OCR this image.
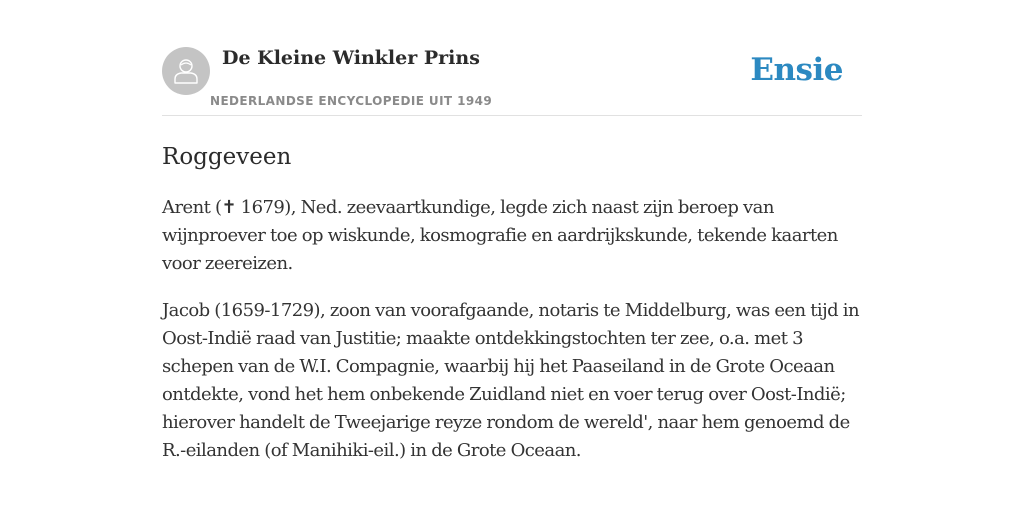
De Kleine Winkler Prins
NEDERLANDSE ENCYCLOPEDIE UIT 1949
Ensie
Roggeveen

Arent (✝ 1679), Ned. zeevaartkundige, legde zich naast zijn beroep van wijnproever toe op wiskunde, kosmografie en aardrijkskunde, tekende kaarten voor zeereizen.

Jacob (1659-1729), zoon van voorafgaande, notaris te Middelburg, was een tijd in Oost-Indië raad van Justitie; maakte ontdekkingstochten ter zee, o.a. met 3 schepen van de W.I. Compagnie, waarbij hij het Paaseiland in de Grote Oceaan ontdekte, vond het hem onbekende Zuidland niet en voer terug over Oost-Indië; hierover handelt de Tweejarige reyze rondom de wereld', naar hem genoemd de R.-eilanden (of Manihiki-eil.) in de Grote Oceaan.
